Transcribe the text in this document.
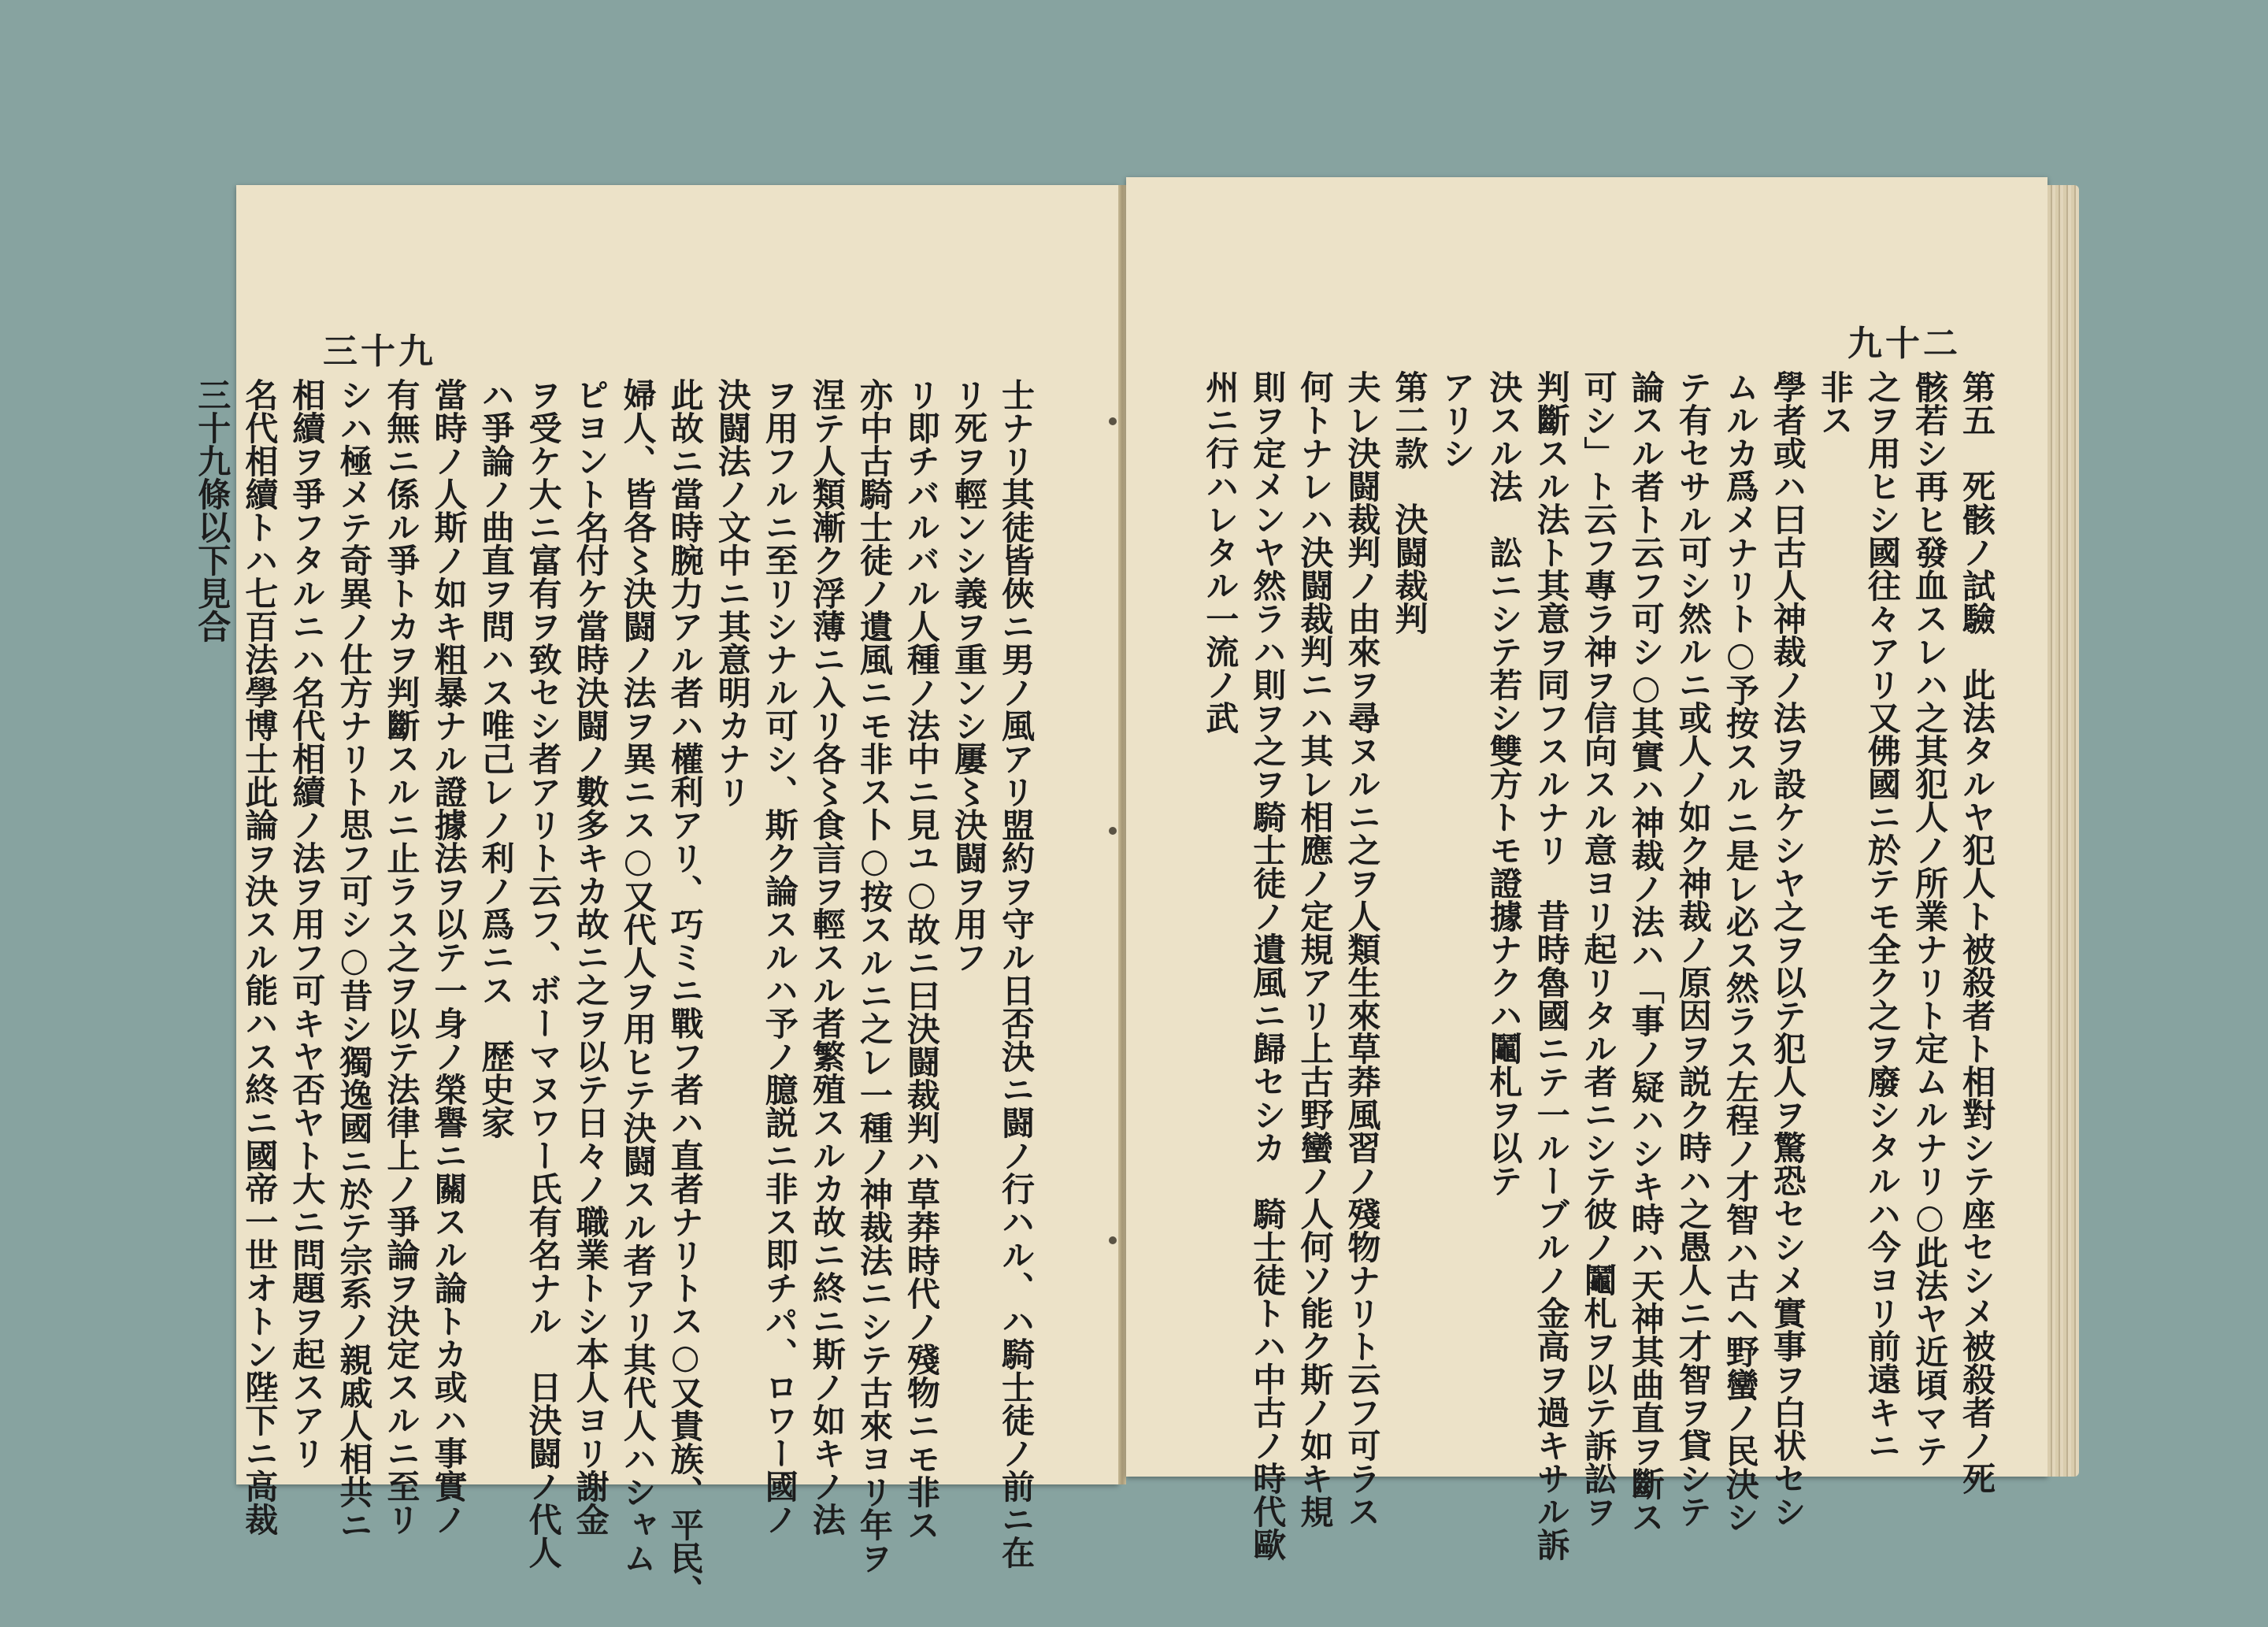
三十九
士ナリ其徒皆俠ニ男ノ風アリ盟約ヲ守ル日否決ニ闘ノ行ハル、ハ騎士徒ノ前ニ在
リ死ヲ輕ンシ義ヲ重ンシ屢〻決闘ヲ用フ
リ即チバルバル人種ノ法中ニ見ユ○故ニ曰決闘裁判ハ草莽時代ノ殘物ニモ非ス
亦中古騎士徒ノ遺風ニモ非ス卜○按スルニ之レ一種ノ神裁法ニシテ古來ヨリ年ヲ
涅テ人類漸ク浮薄ニ入リ各〻食言ヲ輕スル者繁殖スルカ故ニ終ニ斯ノ如キノ法
ヲ用フルニ至リシナル可シ、斯ク論スルハ予ノ臆説ニ非ス即チパ、ロワー國ノ
決闘法ノ文中ニ其意明カナリ
此故ニ當時腕力アル者ハ權利アリ、巧ミニ戰フ者ハ直者ナリトス○又貴族、平民、
婦人、皆各〻決闘ノ法ヲ異ニス○又代人ヲ用ヒテ決闘スル者アリ其代人ハシャム
ピヨント名付ケ當時決闘ノ數多キカ故ニ之ヲ以テ日々ノ職業トシ本人ヨリ謝金
ヲ受ケ大ニ富有ヲ致セシ者アリト云フ、ボーマヌワー氏有名ナル　日決闘ノ代人
ハ爭論ノ曲直ヲ問ハス唯己レノ利ノ爲ニス　歴史家
當時ノ人斯ノ如キ粗暴ナル證據法ヲ以テ一身ノ榮譽ニ關スル論トカ或ハ事實ノ
有無ニ係ル爭トカヲ判斷スルニ止ラス之ヲ以テ法律上ノ爭論ヲ決定スルニ至リ
シハ極メテ奇異ノ仕方ナリト思フ可シ○昔シ獨逸國ニ於テ宗系ノ親戚人相共ニ
相續ヲ爭フタルニハ名代相續ノ法ヲ用フ可キヤ否ヤト大ニ問題ヲ起スアリ
名代相續トハ七百法學博士此論ヲ決スル能ハス終ニ國帝一世オトン陛下ニ高裁
三十九條以下見合
九十二
第五　死骸ノ試驗　此法タルヤ犯人ト被殺者ト相對シテ座セシメ被殺者ノ死
骸若シ再ヒ發血スレハ之其犯人ノ所業ナリト定ムルナリ○此法ヤ近頃マテ
之ヲ用ヒシ國往々アリ又佛國ニ於テモ全ク之ヲ廢シタルハ今ヨリ前遠キニ
非ス
學者或ハ曰古人神裁ノ法ヲ設ケシヤ之ヲ以テ犯人ヲ驚恐セシメ實事ヲ白状セシ
ムルカ爲メナリト○予按スルニ是レ必ス然ラス左程ノ才智ハ古ヘ野蠻ノ民決シ
テ有セサル可シ然ルニ或人ノ如ク神裁ノ原因ヲ説ク時ハ之愚人ニ才智ヲ貸シテ
論スル者ト云フ可シ○其實ハ神裁ノ法ハ「事ノ疑ハシキ時ハ天神其曲直ヲ斷ス
可シ」ト云フ專ラ神ヲ信向スル意ヨリ起リタル者ニシテ彼ノ鬮札ヲ以テ訴訟ヲ
判斷スル法ト其意ヲ同フスルナリ　昔時魯國ニテ一ルーブルノ金高ヲ過キサル訴
決スル法　訟ニシテ若シ雙方トモ證據ナクハ鬮札ヲ以テ
アリシ
第二款　決闘裁判
夫レ決闘裁判ノ由來ヲ尋ヌルニ之ヲ人類生來草莽風習ノ殘物ナリト云フ可ラス
何トナレハ決闘裁判ニハ其レ相應ノ定規アリ上古野蠻ノ人何ソ能ク斯ノ如キ規
則ヲ定メンヤ然ラハ則ヲ之ヲ騎士徒ノ遺風ニ歸セシカ　騎士徒トハ中古ノ時代歐
州ニ行ハレタル一流ノ武
